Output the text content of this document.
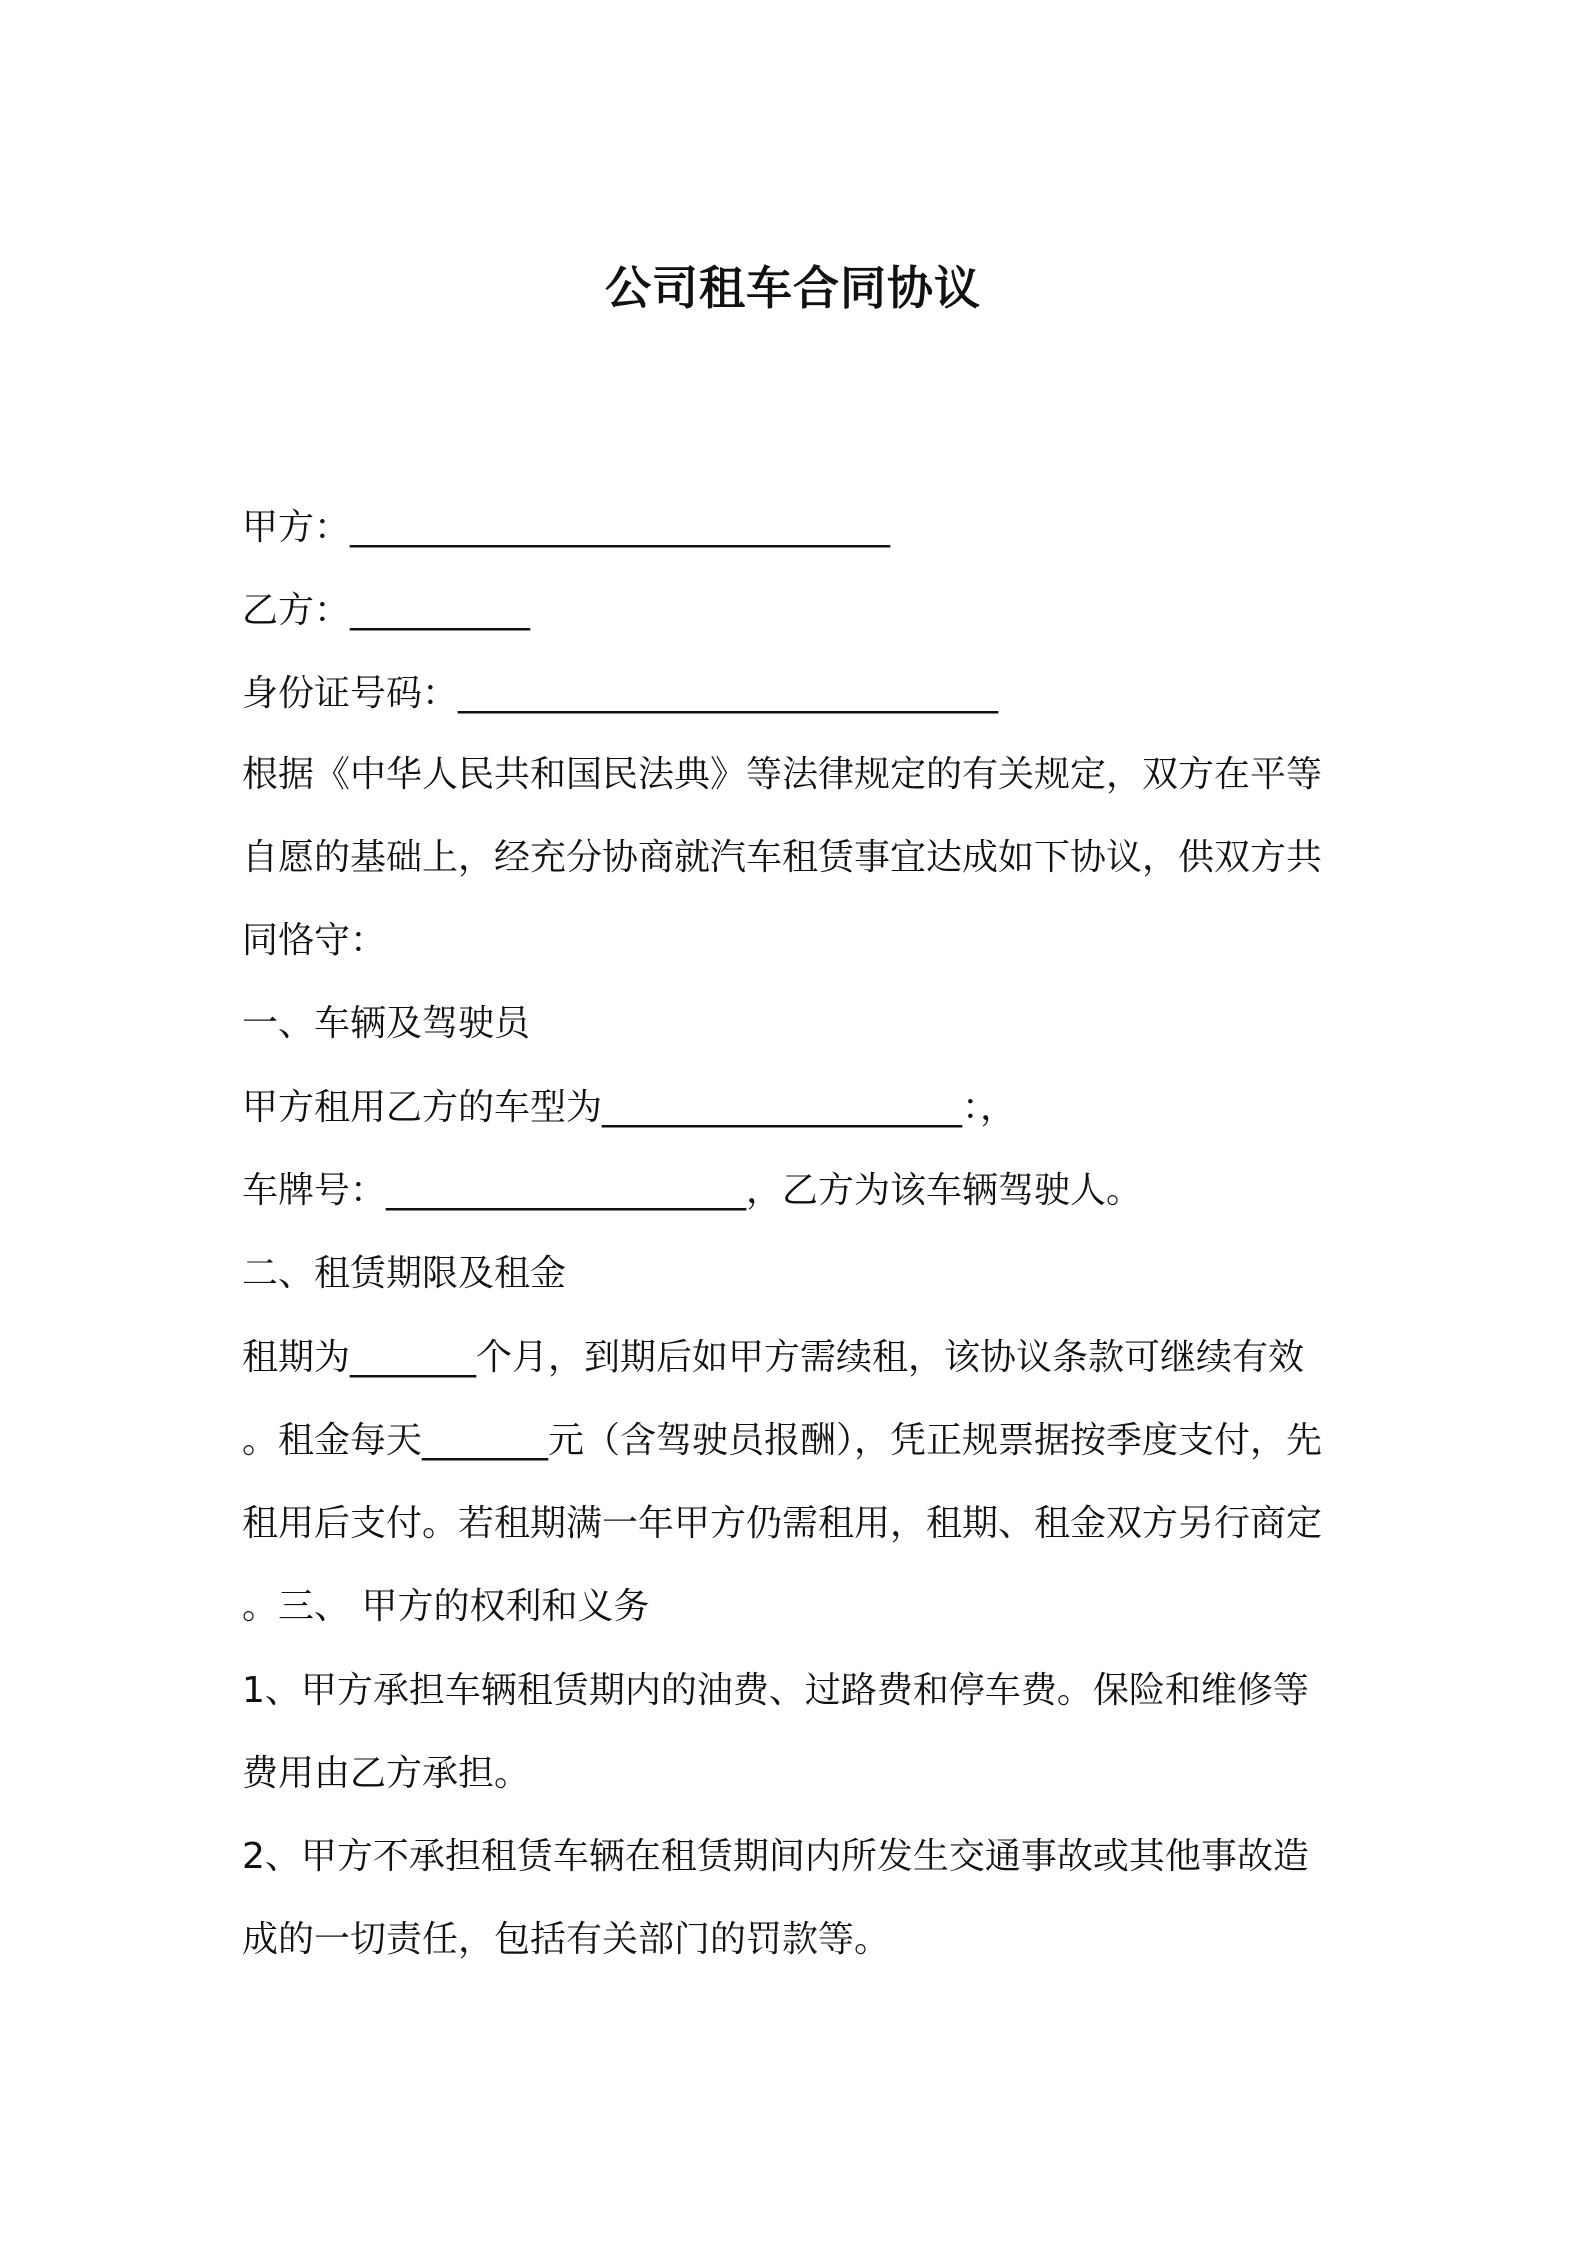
公司租车合同协议
甲方：______________________________
乙方：__________
身份证号码：______________________________
根据《中华人民共和国民法典》等法律规定的有关规定，双方在平等
自愿的基础上，经充分协商就汽车租赁事宜达成如下协议，供双方共
同恪守：
一、车辆及驾驶员
甲方租用乙方的车型为____________________：，
车牌号：____________________，乙方为该车辆驾驶人。
二、租赁期限及租金
租期为_______个月，到期后如甲方需续租，该协议条款可继续有效
。租金每天_______元（含驾驶员报酬），凭正规票据按季度支付，先
租用后支付。若租期满一年甲方仍需租用，租期、租金双方另行商定
。三、 甲方的权利和义务
1、甲方承担车辆租赁期内的油费、过路费和停车费。保险和维修等
费用由乙方承担。
2、甲方不承担租赁车辆在租赁期间内所发生交通事故或其他事故造
成的一切责任，包括有关部门的罚款等。
